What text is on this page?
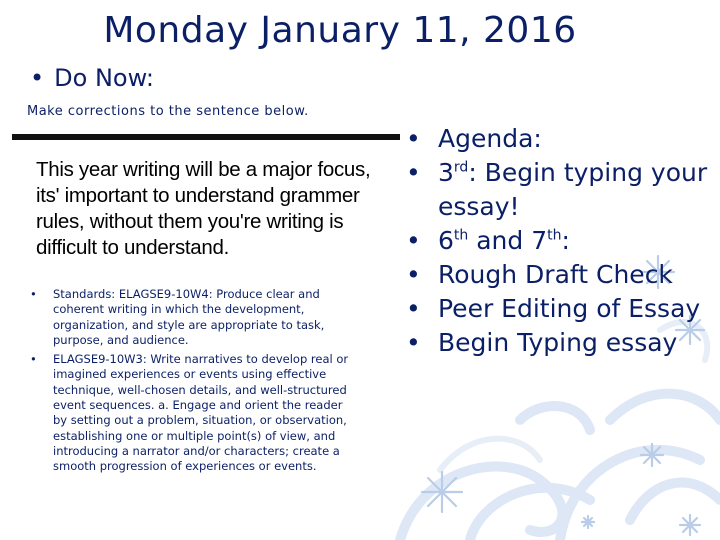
Monday January 11, 2016
• Do Now:
Make corrections to the sentence below.
This year writing will be a major focus, its' important to understand grammer rules, without them you're writing is difficult to understand.
• Standards: ELAGSE9-10W4: Produce clear and coherent writing in which the development, organization, and style are appropriate to task, purpose, and audience.
• ELAGSE9-10W3: Write narratives to develop real or imagined experiences or events using effective technique, well-chosen details, and well-structured event sequences. a. Engage and orient the reader by setting out a problem, situation, or observation, establishing one or multiple point(s) of view, and introducing a narrator and/or characters; create a smooth progression of experiences or events.
• Agenda:
• 3rd: Begin typing your essay!
• 6th and 7th:
• Rough Draft Check
• Peer Editing of Essay
• Begin Typing essay
